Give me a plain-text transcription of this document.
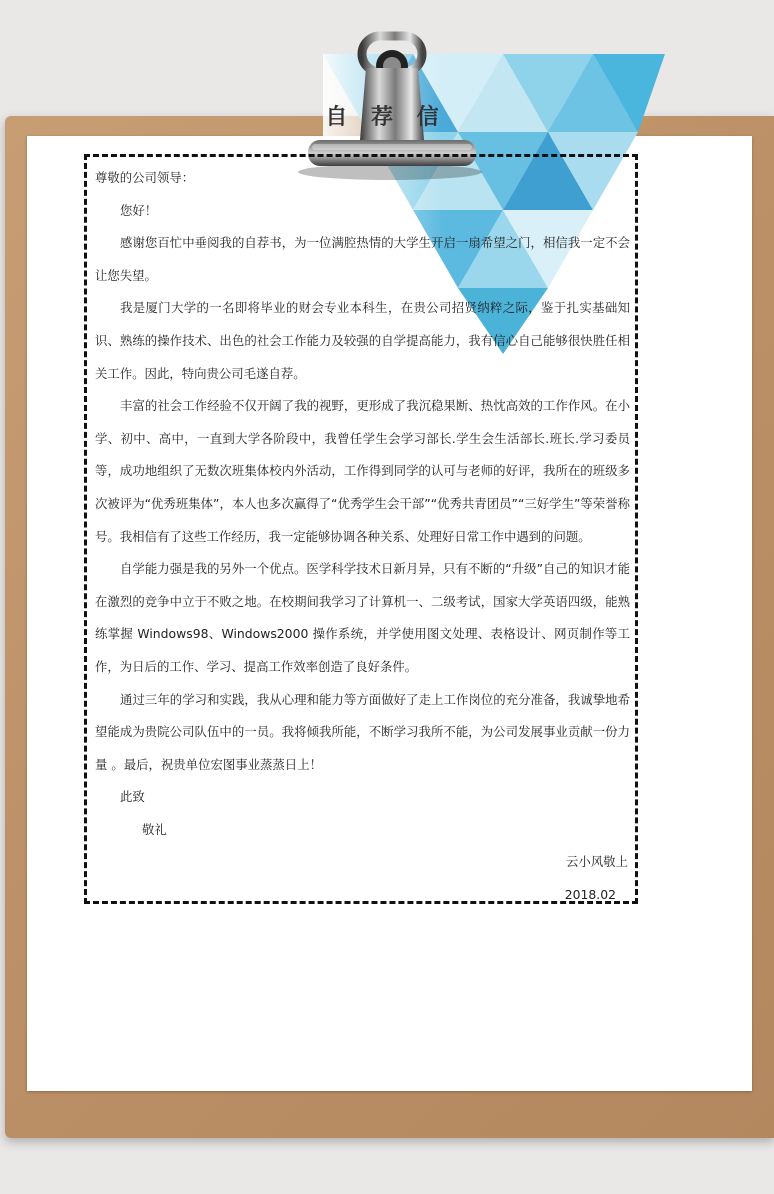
自 荐 信

尊敬的公司领导：

您好！

感谢您百忙中垂阅我的自荐书，为一位满腔热情的大学生开启一扇希望之门，相信我一定不会让您失望。

我是厦门大学的一名即将毕业的财会专业本科生，在贵公司招贤纳粹之际，鉴于扎实基础知识、熟练的操作技术、出色的社会工作能力及较强的自学提高能力，我有信心自己能够很快胜任相关工作。因此，特向贵公司毛遂自荐。

丰富的社会工作经验不仅开阔了我的视野，更形成了我沉稳果断、热忱高效的工作作风。在小学、初中、高中，一直到大学各阶段中，我曾任学生会学习部长.学生会生活部长.班长.学习委员等，成功地组织了无数次班集体校内外活动，工作得到同学的认可与老师的好评，我所在的班级多次被评为“优秀班集体”，本人也多次赢得了“优秀学生会干部”“优秀共青团员”“三好学生”等荣誉称号。我相信有了这些工作经历，我一定能够协调各种关系、处理好日常工作中遇到的问题。

自学能力强是我的另外一个优点。医学科学技术日新月异，只有不断的“升级”自己的知识才能在激烈的竞争中立于不败之地。在校期间我学习了计算机一、二级考试，国家大学英语四级，能熟练掌握 Windows98、Windows2000 操作系统，并学使用图文处理、表格设计、网页制作等工作，为日后的工作、学习、提高工作效率创造了良好条件。

通过三年的学习和实践，我从心理和能力等方面做好了走上工作岗位的充分准备，我诚挚地希望能成为贵院公司队伍中的一员。我将倾我所能，不断学习我所不能，为公司发展事业贡献一份力量 。最后，祝贵单位宏图事业蒸蒸日上！

此致

敬礼

云小风敬上

2018.02
